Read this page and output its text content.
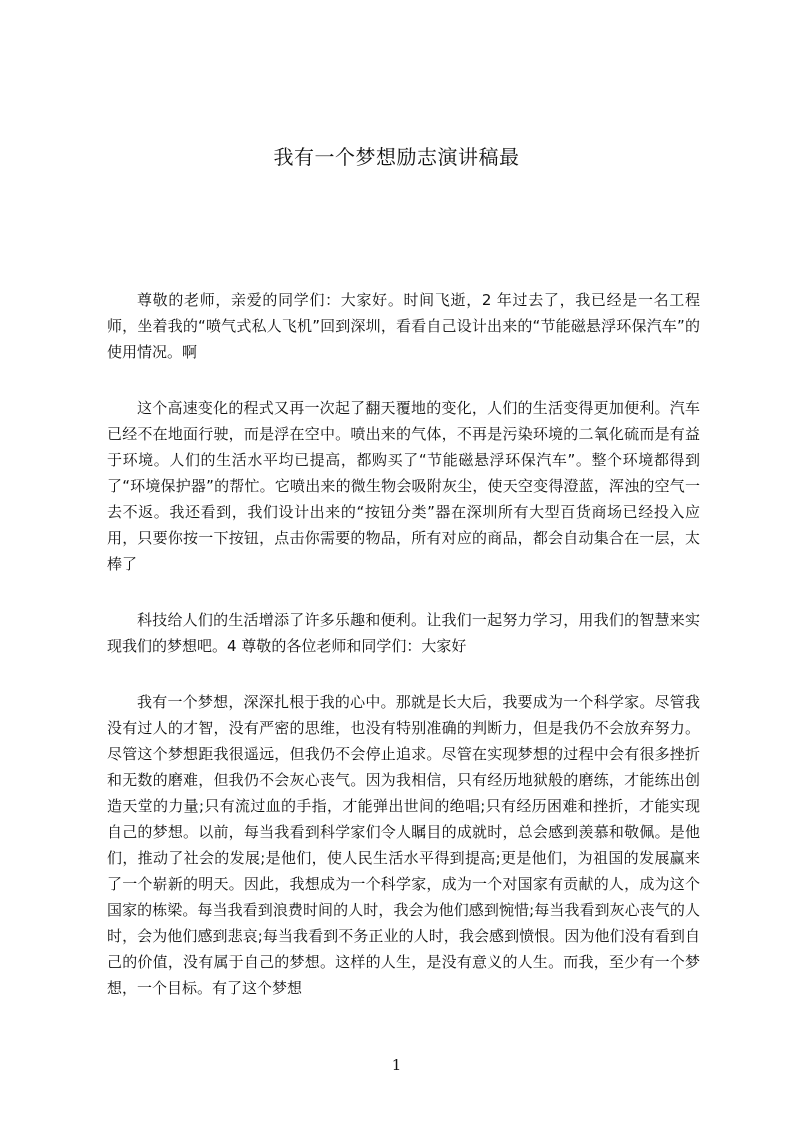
我有一个梦想励志演讲稿最

尊敬的老师，亲爱的同学们：大家好。时间飞逝，2 年过去了，我已经是一名工程师，坐着我的“喷气式私人飞机”回到深圳，看看自己设计出来的“节能磁悬浮环保汽车”的使用情况。啊

这个高速变化的程式又再一次起了翻天覆地的变化，人们的生活变得更加便利。汽车已经不在地面行驶，而是浮在空中。喷出来的气体，不再是污染环境的二氧化硫而是有益于环境。人们的生活水平均已提高，都购买了“节能磁悬浮环保汽车”。整个环境都得到了“环境保护器”的帮忙。它喷出来的微生物会吸附灰尘，使天空变得澄蓝，浑浊的空气一去不返。我还看到，我们设计出来的“按钮分类”器在深圳所有大型百货商场已经投入应用，只要你按一下按钮，点击你需要的物品，所有对应的商品，都会自动集合在一层，太棒了

科技给人们的生活增添了许多乐趣和便利。让我们一起努力学习，用我们的智慧来实现我们的梦想吧。4 尊敬的各位老师和同学们：大家好

我有一个梦想，深深扎根于我的心中。那就是长大后，我要成为一个科学家。尽管我没有过人的才智，没有严密的思维，也没有特别准确的判断力，但是我仍不会放弃努力。尽管这个梦想距我很遥远，但我仍不会停止追求。尽管在实现梦想的过程中会有很多挫折和无数的磨难，但我仍不会灰心丧气。因为我相信，只有经历地狱般的磨练，才能练出创造天堂的力量;只有流过血的手指，才能弹出世间的绝唱;只有经历困难和挫折，才能实现自己的梦想。以前，每当我看到科学家们令人瞩目的成就时，总会感到羡慕和敬佩。是他们，推动了社会的发展;是他们，使人民生活水平得到提高;更是他们，为祖国的发展赢来了一个崭新的明天。因此，我想成为一个科学家，成为一个对国家有贡献的人，成为这个国家的栋梁。每当我看到浪费时间的人时，我会为他们感到惋惜;每当我看到灰心丧气的人时，会为他们感到悲哀;每当我看到不务正业的人时，我会感到愤恨。因为他们没有看到自己的价值，没有属于自己的梦想。这样的人生，是没有意义的人生。而我，至少有一个梦想，一个目标。有了这个梦想

1
